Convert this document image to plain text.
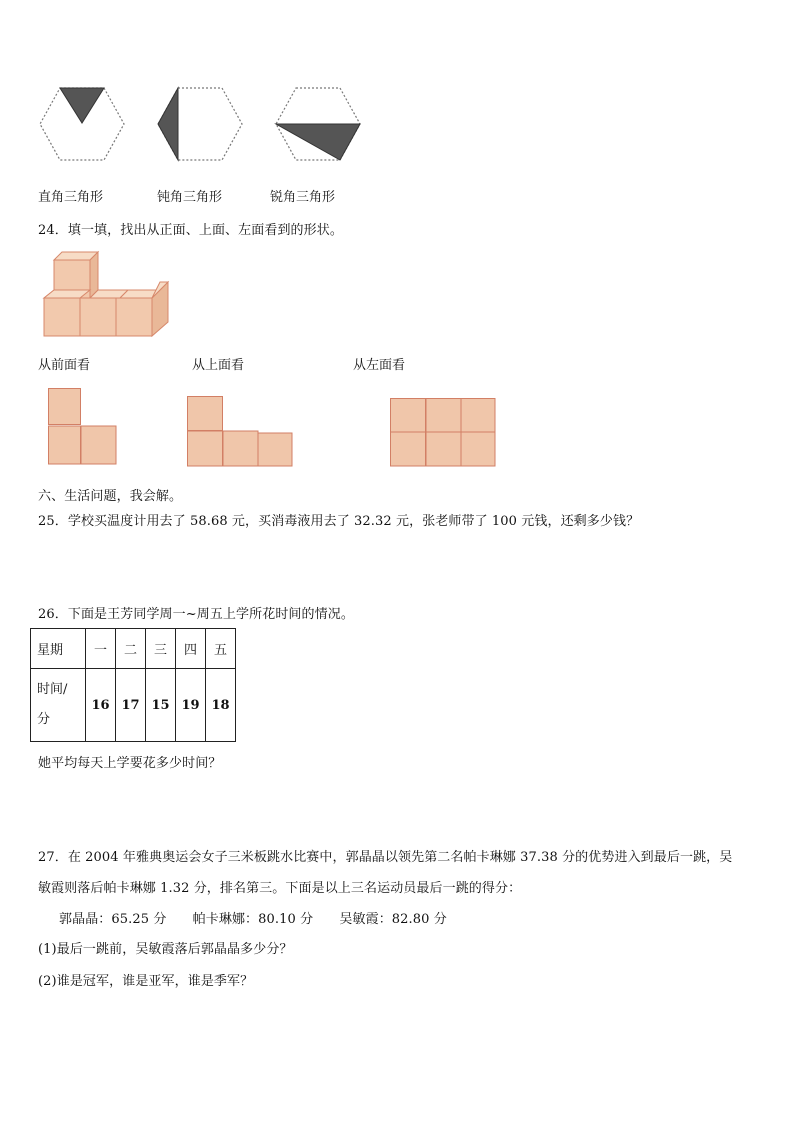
直角三角形	钝角三角形	锐角三角形
24．填一填，找出从正面、上面、左面看到的形状。
从前面看	从上面看	从左面看
六、生活问题，我会解。
25．学校买温度计用去了 58.68 元，买消毒液用去了 32.32 元，张老师带了 100 元钱，还剩多少钱？
26．下面是王芳同学周一~周五上学所花时间的情况。
星期	一	二	三	四	五
时间/
分	16	17	15	19	18
她平均每天上学要花多少时间？
27．在 2004 年雅典奥运会女子三米板跳水比赛中，郭晶晶以领先第二名帕卡琳娜 37.38 分的优势进入到最后一跳，吴
敏霞则落后帕卡琳娜 1.32 分，排名第三。下面是以上三名运动员最后一跳的得分：
郭晶晶：65.25 分　　帕卡琳娜：80.10 分　　吴敏霞：82.80 分
(1)最后一跳前，吴敏霞落后郭晶晶多少分？
(2)谁是冠军，谁是亚军，谁是季军？
